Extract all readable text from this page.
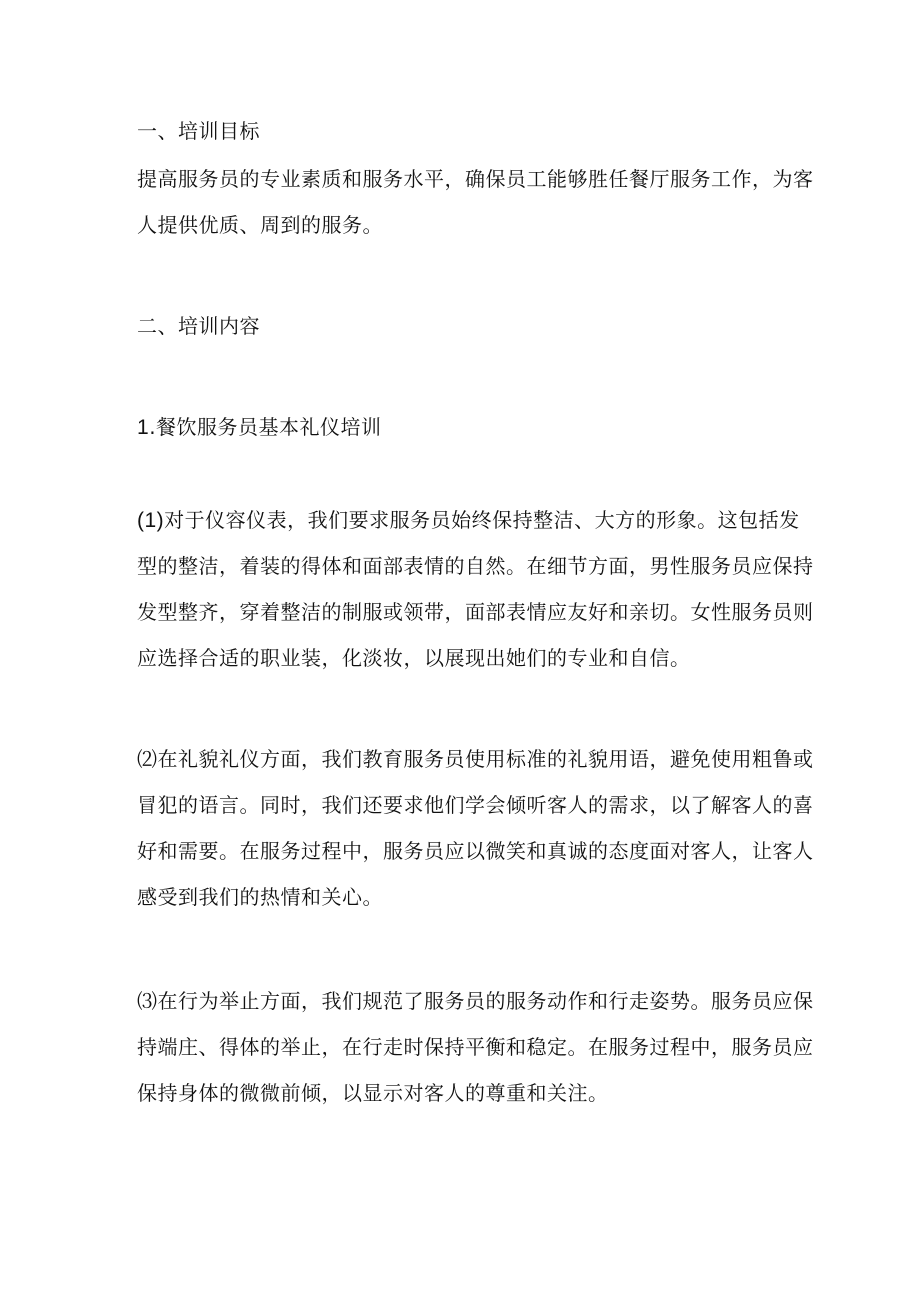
一、培训目标
提高服务员的专业素质和服务水平，确保员工能够胜任餐厅服务工作，为客
人提供优质、周到的服务。
二、培训内容
1.餐饮服务员基本礼仪培训
(1)对于仪容仪表，我们要求服务员始终保持整洁、大方的形象。这包括发
型的整洁，着装的得体和面部表情的自然。在细节方面，男性服务员应保持
发型整齐，穿着整洁的制服或领带，面部表情应友好和亲切。女性服务员则
应选择合适的职业装，化淡妆，以展现出她们的专业和自信。
⑵在礼貌礼仪方面，我们教育服务员使用标准的礼貌用语，避免使用粗鲁或
冒犯的语言。同时，我们还要求他们学会倾听客人的需求，以了解客人的喜
好和需要。在服务过程中，服务员应以微笑和真诚的态度面对客人，让客人
感受到我们的热情和关心。
⑶在行为举止方面，我们规范了服务员的服务动作和行走姿势。服务员应保
持端庄、得体的举止，在行走时保持平衡和稳定。在服务过程中，服务员应
保持身体的微微前倾，以显示对客人的尊重和关注。
